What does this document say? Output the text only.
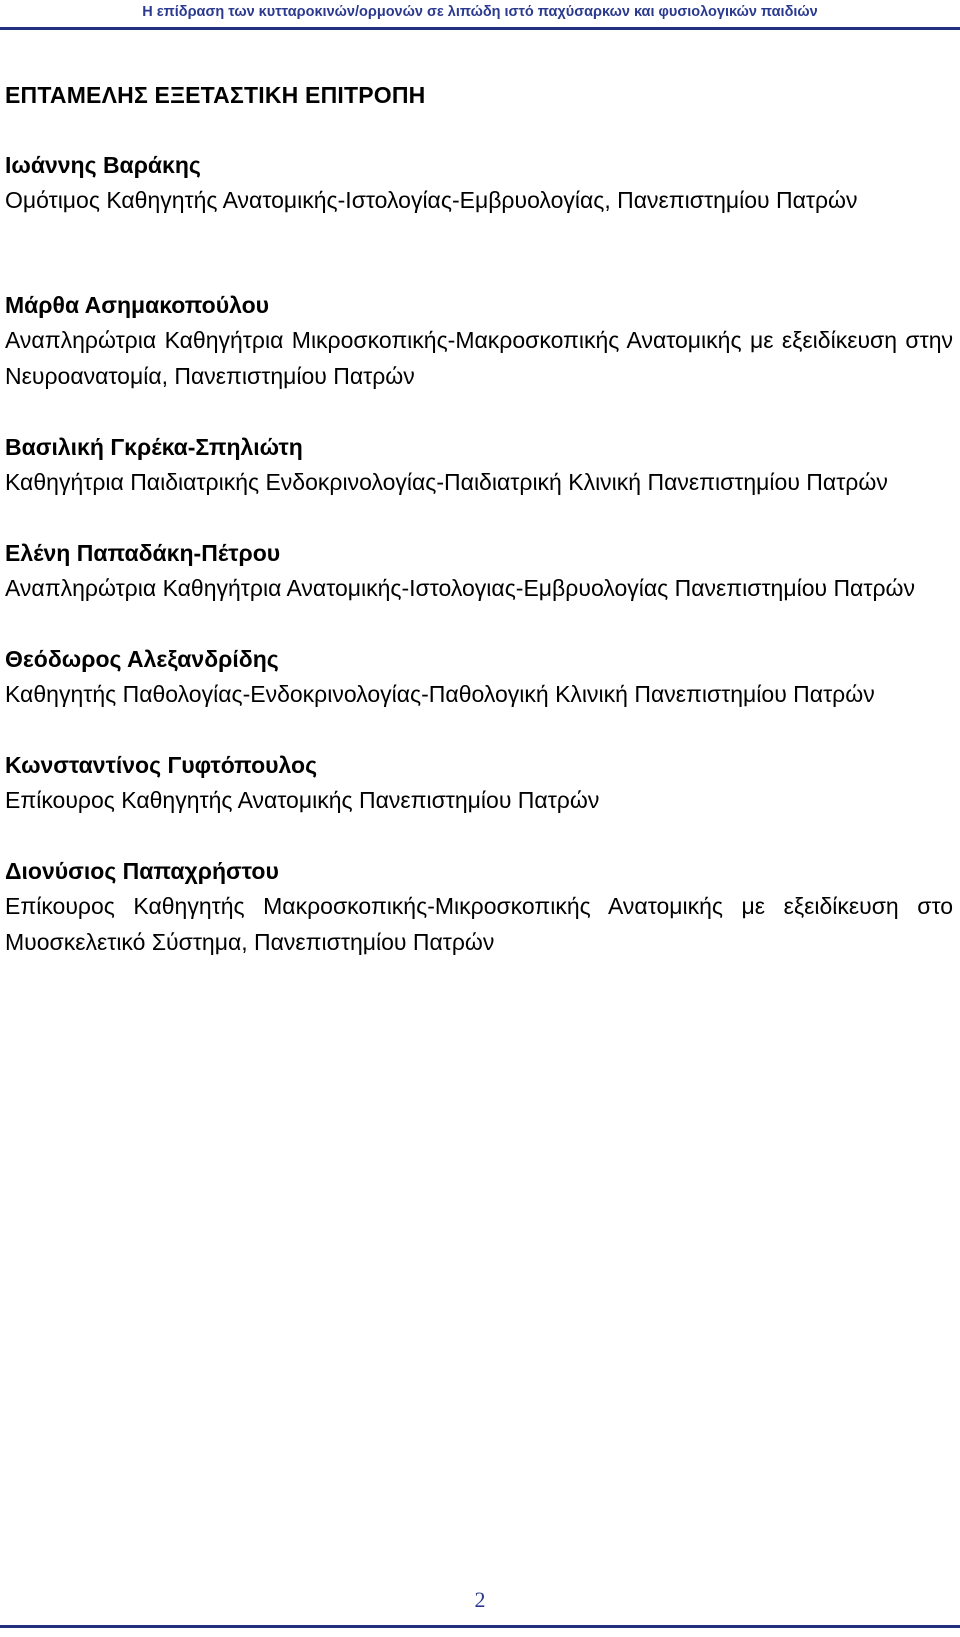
Η επίδραση των κυτταροκινών/ορμονών σε λιπώδη ιστό παχύσαρκων και φυσιολογικών παιδιών
ΕΠΤΑΜΕΛΗΣ ΕΞΕΤΑΣΤΙΚΗ ΕΠΙΤΡΟΠΗ
Ιωάννης Βαράκης
Ομότιμος Καθηγητής Ανατομικής-Ιστολογίας-Εμβρυολογίας, Πανεπιστημίου Πατρών
Μάρθα Ασημακοπούλου
Αναπληρώτρια Καθηγήτρια Μικροσκοπικής-Μακροσκοπικής Ανατομικής με εξειδίκευση στην Νευροανατομία, Πανεπιστημίου Πατρών
Βασιλική Γκρέκα-Σπηλιώτη
Καθηγήτρια Παιδιατρικής Ενδοκρινολογίας-Παιδιατρική Κλινική Πανεπιστημίου Πατρών
Ελένη Παπαδάκη-Πέτρου
Αναπληρώτρια Καθηγήτρια Ανατομικής-Ιστολογιας-Εμβρυολογίας Πανεπιστημίου Πατρών
Θεόδωρος Αλεξανδρίδης
Καθηγητής Παθολογίας-Ενδοκρινολογίας-Παθολογική Κλινική Πανεπιστημίου Πατρών
Κωνσταντίνος Γυφτόπουλος
Επίκουρος Καθηγητής Ανατομικής Πανεπιστημίου Πατρών
Διονύσιος Παπαχρήστου
Επίκουρος Καθηγητής Μακροσκοπικής-Μικροσκοπικής Ανατομικής με εξειδίκευση στο Μυοσκελετικό Σύστημα, Πανεπιστημίου Πατρών
2
